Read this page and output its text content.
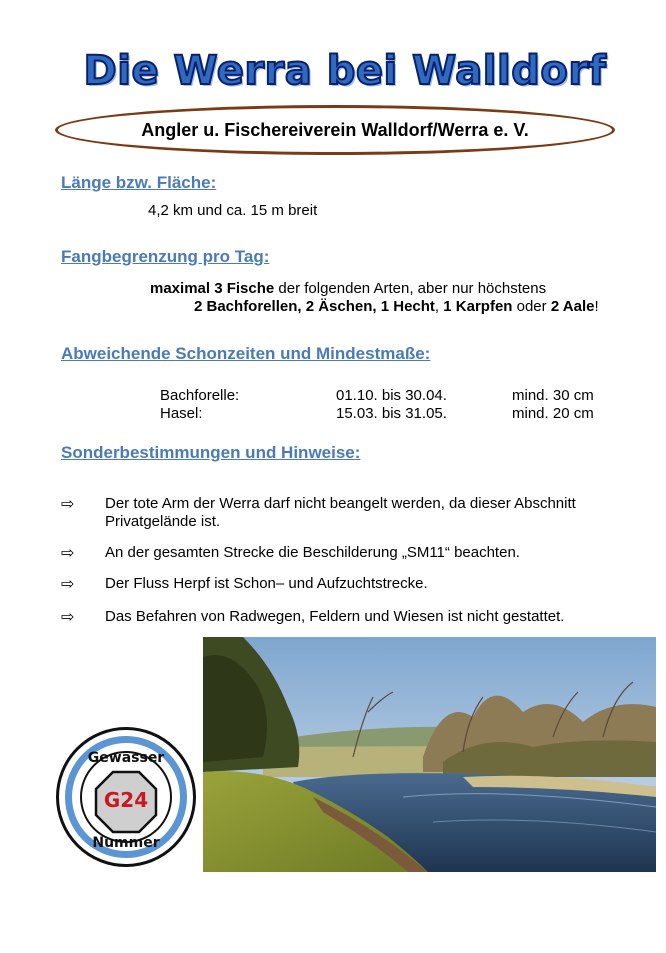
Die Werra bei Walldorf
Angler u. Fischereiverein Walldorf/Werra e. V.
Länge bzw. Fläche:
4,2 km und ca. 15 m breit
Fangbegrenzung pro Tag:
maximal 3 Fische der folgenden Arten, aber nur höchstens
2 Bachforellen, 2 Äschen, 1 Hecht, 1 Karpfen oder 2 Aale!
Abweichende Schonzeiten und Mindestmaße:
Bachforelle:	01.10. bis 30.04.	mind. 30 cm
Hasel:	15.03. bis 31.05.	mind. 20 cm
Sonderbestimmungen und Hinweise:
⇨ Der tote Arm der Werra darf nicht beangelt werden, da dieser Abschnitt Privatgelände ist.
⇨ An der gesamten Strecke die Beschilderung „SM11“ beachten.
⇨ Der Fluss Herpf ist Schon– und Aufzuchtstrecke.
⇨ Das Befahren von Radwegen, Feldern und Wiesen ist nicht gestattet.
Gewässer
G24
Nummer
